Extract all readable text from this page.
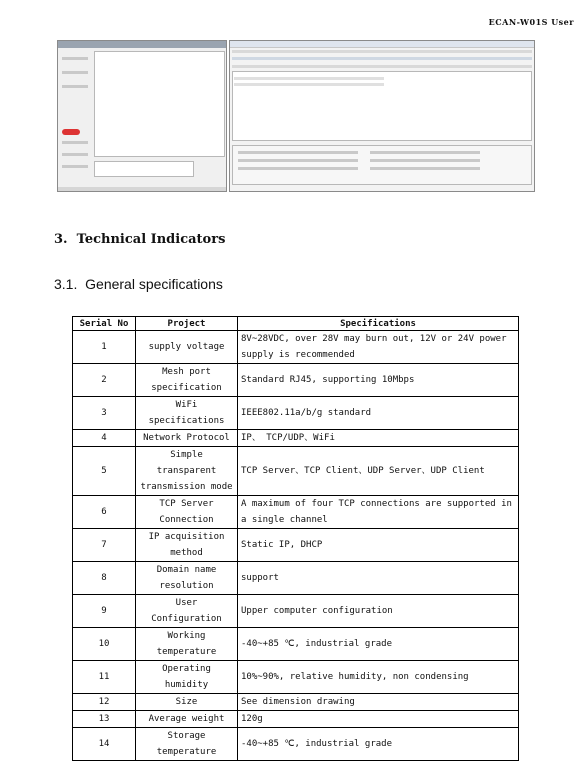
ECAN-W01S User
3. Technical Indicators
3.1. General specifications
Serial No	Project	Specifications
1	supply voltage	8V~28VDC, over 28V may burn out, 12V or 24V power supply is recommended
2	Mesh port specification	Standard RJ45, supporting 10Mbps
3	WiFi specifications	IEEE802.11a/b/g standard
4	Network Protocol	IP、 TCP/UDP、WiFi
5	Simple transparent transmission mode	TCP Server、TCP Client、UDP Server、UDP Client
6	TCP Server Connection	A maximum of four TCP connections are supported in a single channel
7	IP acquisition method	Static IP, DHCP
8	Domain name resolution	support
9	User Configuration	Upper computer configuration
10	Working temperature	-40~+85 ℃, industrial grade
11	Operating humidity	10%~90%, relative humidity, non condensing
12	Size	See dimension drawing
13	Average weight	120g
14	Storage temperature	-40~+85 ℃, industrial grade
